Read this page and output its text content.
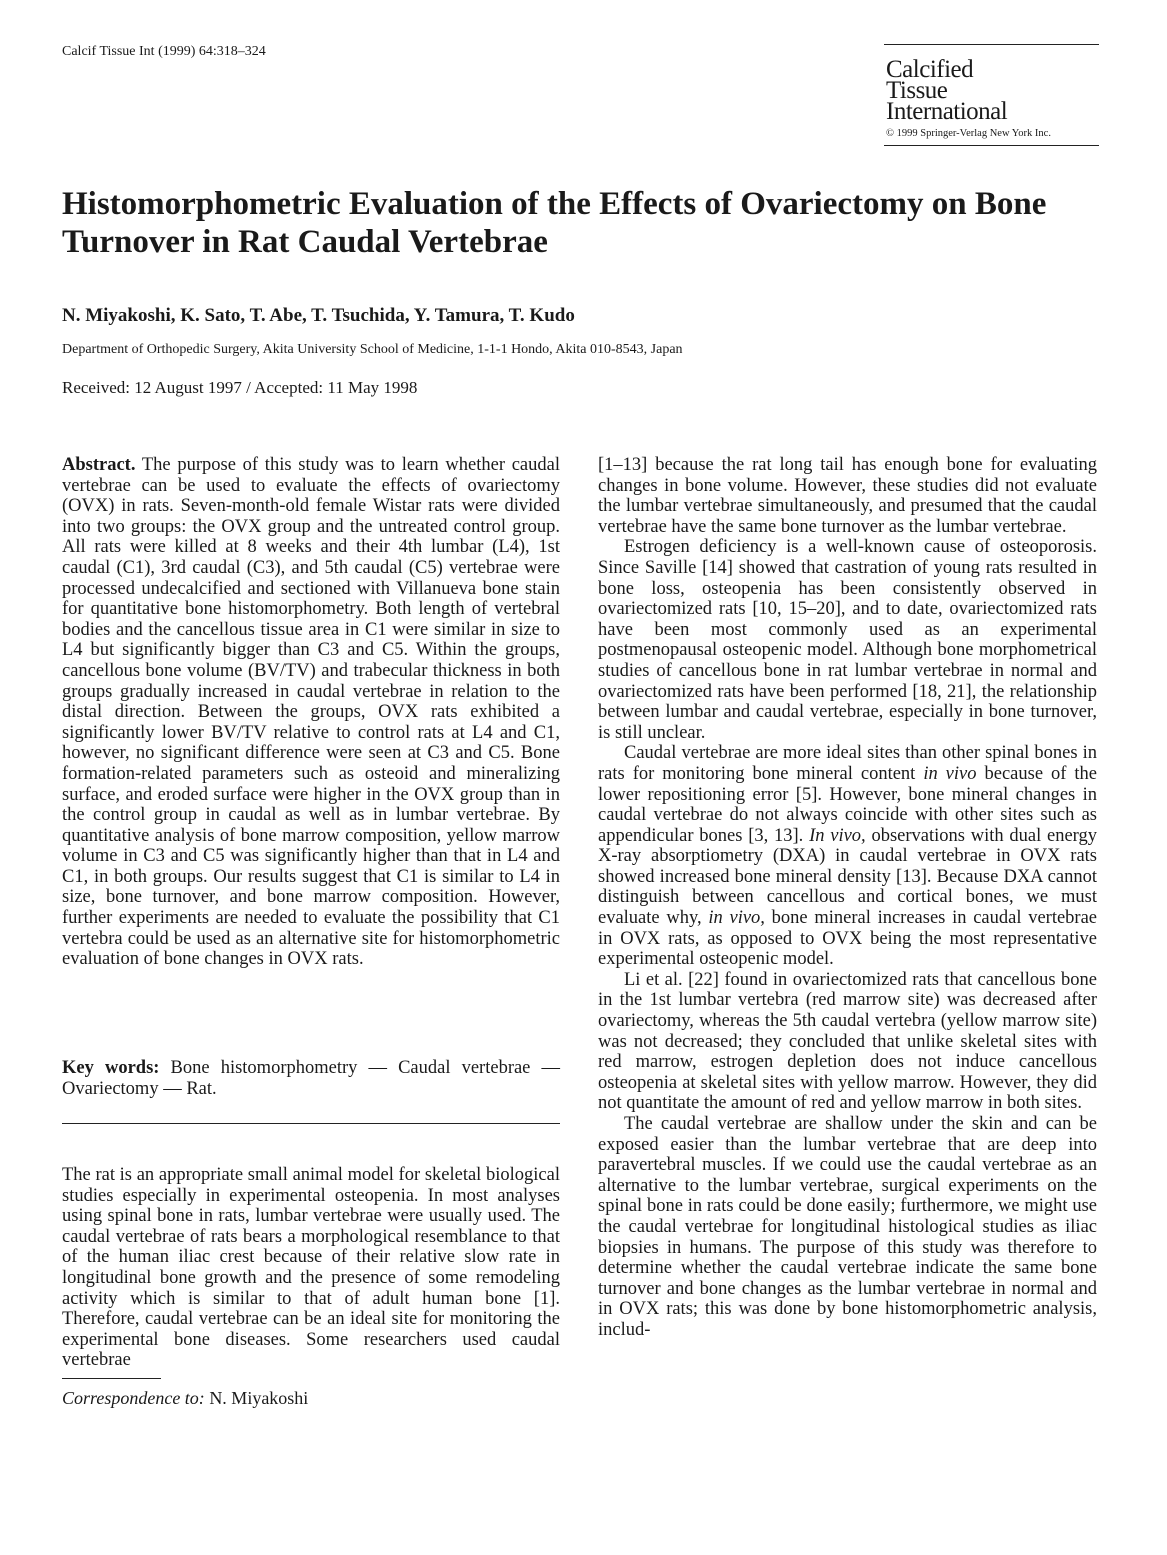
Calcif Tissue Int (1999) 64:318–324
Calcified
Tissue
International
© 1999 Springer-Verlag New York Inc.
Histomorphometric Evaluation of the Effects of Ovariectomy on Bone Turnover in Rat Caudal Vertebrae
N. Miyakoshi, K. Sato, T. Abe, T. Tsuchida, Y. Tamura, T. Kudo
Department of Orthopedic Surgery, Akita University School of Medicine, 1-1-1 Hondo, Akita 010-8543, Japan
Received: 12 August 1997 / Accepted: 11 May 1998

Abstract. The purpose of this study was to learn whether caudal vertebrae can be used to evaluate the effects of ovariectomy (OVX) in rats. Seven-month-old female Wistar rats were divided into two groups: the OVX group and the untreated control group. All rats were killed at 8 weeks and their 4th lumbar (L4), 1st caudal (C1), 3rd caudal (C3), and 5th caudal (C5) vertebrae were processed undecalcified and sectioned with Villanueva bone stain for quantitative bone histomorphometry. Both length of vertebral bodies and the cancellous tissue area in C1 were similar in size to L4 but significantly bigger than C3 and C5. Within the groups, cancellous bone volume (BV/TV) and trabecular thickness in both groups gradually increased in caudal vertebrae in relation to the distal direction. Between the groups, OVX rats exhibited a significantly lower BV/TV relative to control rats at L4 and C1, however, no significant difference were seen at C3 and C5. Bone formation-related parameters such as osteoid and mineralizing surface, and eroded surface were higher in the OVX group than in the control group in caudal as well as in lumbar vertebrae. By quantitative analysis of bone marrow composition, yellow marrow volume in C3 and C5 was significantly higher than that in L4 and C1, in both groups. Our results suggest that C1 is similar to L4 in size, bone turnover, and bone marrow composition. However, further experiments are needed to evaluate the possibility that C1 vertebra could be used as an alternative site for histomorphometric evaluation of bone changes in OVX rats.

Key words: Bone histomorphometry — Caudal vertebrae — Ovariectomy — Rat.

The rat is an appropriate small animal model for skeletal biological studies especially in experimental osteopenia. In most analyses using spinal bone in rats, lumbar vertebrae were usually used. The caudal vertebrae of rats bears a morphological resemblance to that of the human iliac crest because of their relative slow rate in longitudinal bone growth and the presence of some remodeling activity which is similar to that of adult human bone [1]. Therefore, caudal vertebrae can be an ideal site for monitoring the experimental bone diseases. Some researchers used caudal vertebrae

Correspondence to: N. Miyakoshi

[1–13] because the rat long tail has enough bone for evaluating changes in bone volume. However, these studies did not evaluate the lumbar vertebrae simultaneously, and presumed that the caudal vertebrae have the same bone turnover as the lumbar vertebrae.

Estrogen deficiency is a well-known cause of osteoporosis. Since Saville [14] showed that castration of young rats resulted in bone loss, osteopenia has been consistently observed in ovariectomized rats [10, 15–20], and to date, ovariectomized rats have been most commonly used as an experimental postmenopausal osteopenic model. Although bone morphometrical studies of cancellous bone in rat lumbar vertebrae in normal and ovariectomized rats have been performed [18, 21], the relationship between lumbar and caudal vertebrae, especially in bone turnover, is still unclear.

Caudal vertebrae are more ideal sites than other spinal bones in rats for monitoring bone mineral content in vivo because of the lower repositioning error [5]. However, bone mineral changes in caudal vertebrae do not always coincide with other sites such as appendicular bones [3, 13]. In vivo, observations with dual energy X-ray absorptiometry (DXA) in caudal vertebrae in OVX rats showed increased bone mineral density [13]. Because DXA cannot distinguish between cancellous and cortical bones, we must evaluate why, in vivo, bone mineral increases in caudal vertebrae in OVX rats, as opposed to OVX being the most representative experimental osteopenic model.

Li et al. [22] found in ovariectomized rats that cancellous bone in the 1st lumbar vertebra (red marrow site) was decreased after ovariectomy, whereas the 5th caudal vertebra (yellow marrow site) was not decreased; they concluded that unlike skeletal sites with red marrow, estrogen depletion does not induce cancellous osteopenia at skeletal sites with yellow marrow. However, they did not quantitate the amount of red and yellow marrow in both sites.

The caudal vertebrae are shallow under the skin and can be exposed easier than the lumbar vertebrae that are deep into paravertebral muscles. If we could use the caudal vertebrae as an alternative to the lumbar vertebrae, surgical experiments on the spinal bone in rats could be done easily; furthermore, we might use the caudal vertebrae for longitudinal histological studies as iliac biopsies in humans. The purpose of this study was therefore to determine whether the caudal vertebrae indicate the same bone turnover and bone changes as the lumbar vertebrae in normal and in OVX rats; this was done by bone histomorphometric analysis, includ-
